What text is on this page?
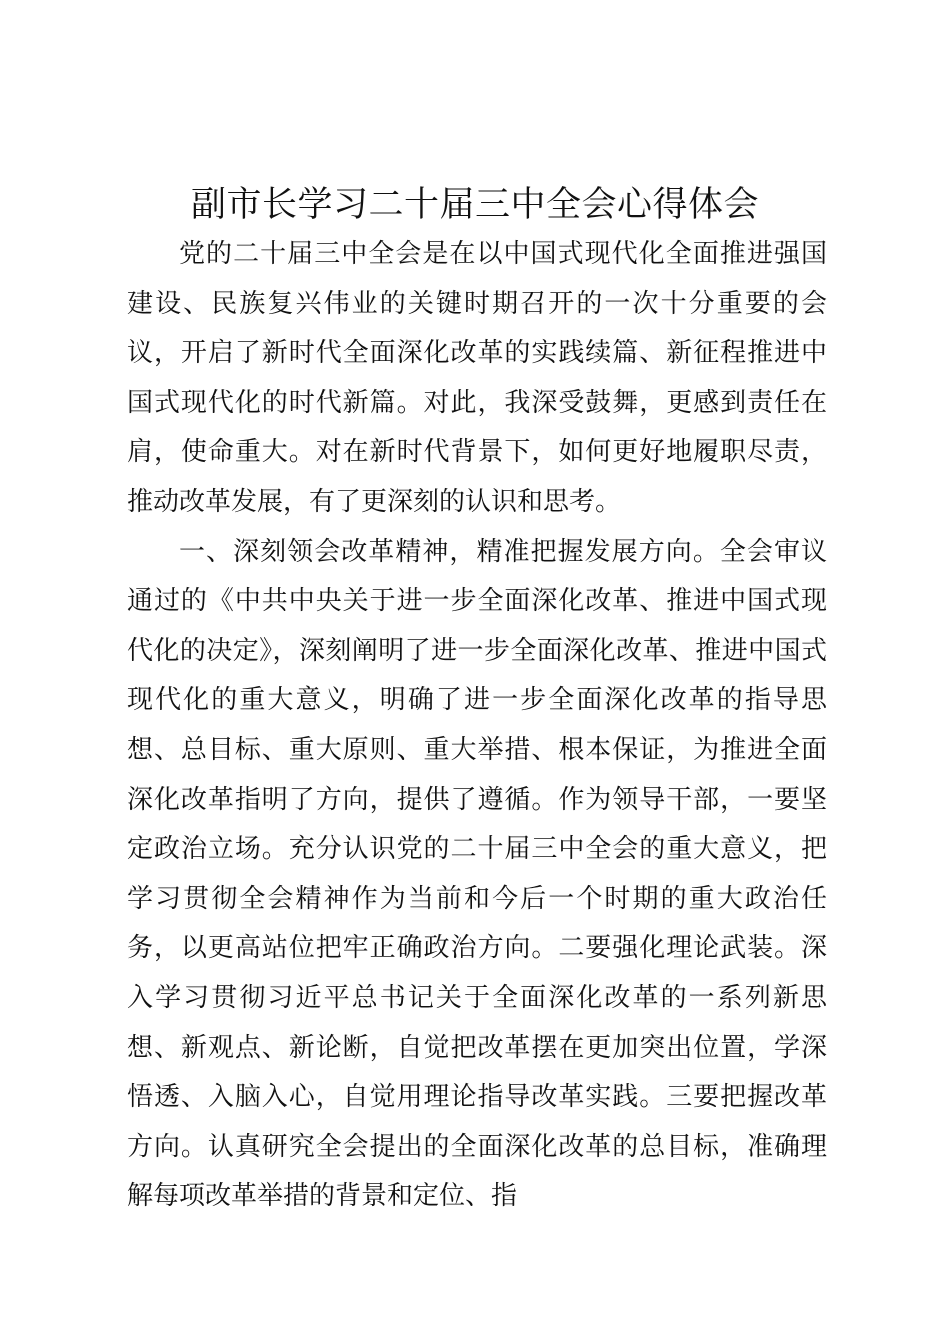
副市长学习二十届三中全会心得体会

党的二十届三中全会是在以中国式现代化全面推进强国建设、民族复兴伟业的关键时期召开的一次十分重要的会议，开启了新时代全面深化改革的实践续篇、新征程推进中国式现代化的时代新篇。对此，我深受鼓舞，更感到责任在肩，使命重大。对在新时代背景下，如何更好地履职尽责，推动改革发展，有了更深刻的认识和思考。

一、深刻领会改革精神，精准把握发展方向。全会审议通过的《中共中央关于进一步全面深化改革、推进中国式现代化的决定》，深刻阐明了进一步全面深化改革、推进中国式现代化的重大意义，明确了进一步全面深化改革的指导思想、总目标、重大原则、重大举措、根本保证，为推进全面深化改革指明了方向，提供了遵循。作为领导干部，一要坚定政治立场。充分认识党的二十届三中全会的重大意义，把学习贯彻全会精神作为当前和今后一个时期的重大政治任务，以更高站位把牢正确政治方向。二要强化理论武装。深入学习贯彻习近平总书记关于全面深化改革的一系列新思想、新观点、新论断，自觉把改革摆在更加突出位置，学深悟透、入脑入心，自觉用理论指导改革实践。三要把握改革方向。认真研究全会提出的全面深化改革的总目标，准确理解每项改革举措的背景和定位、指
